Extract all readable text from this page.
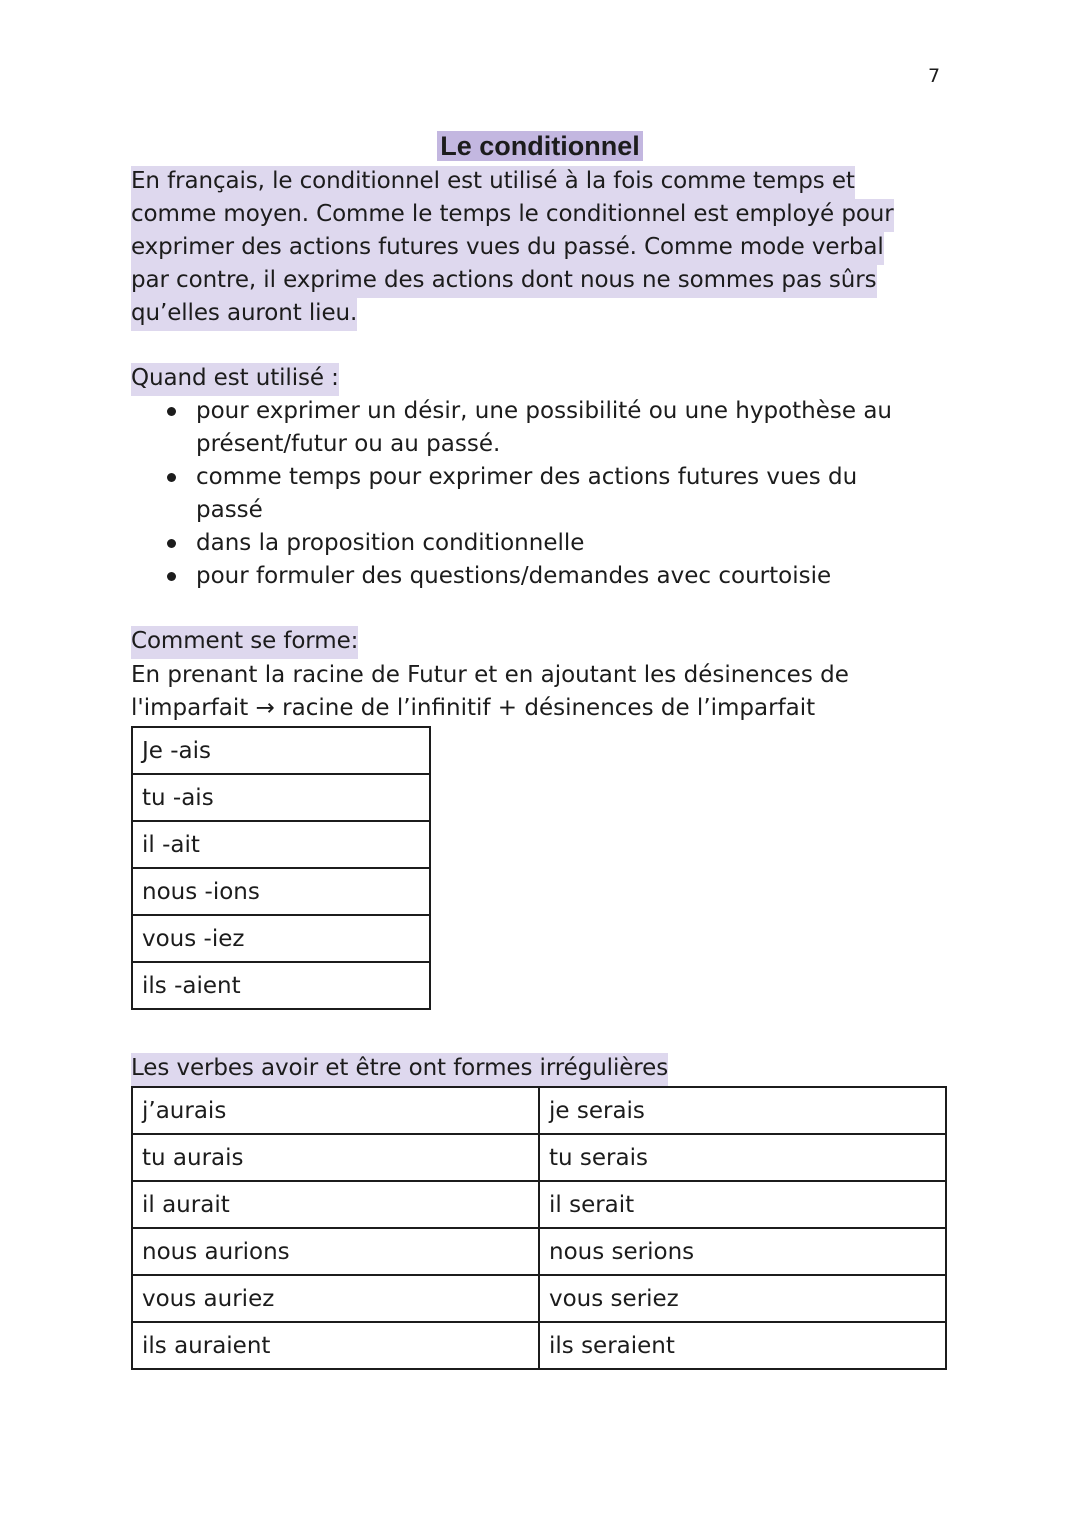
7
Le conditionnel
En français, le conditionnel est utilisé à la fois comme temps et
comme moyen. Comme le temps le conditionnel est employé pour
exprimer des actions futures vues du passé. Comme mode verbal
par contre, il exprime des actions dont nous ne sommes pas sûrs
qu’elles auront lieu.
Quand est utilisé :
pour exprimer un désir, une possibilité ou une hypothèse au
présent/futur ou au passé.
comme temps pour exprimer des actions futures vues du
passé
dans la proposition conditionnelle
pour formuler des questions/demandes avec courtoisie
Comment se forme:
En prenant la racine de Futur et en ajoutant les désinences de
l'imparfait → racine de l’infinitif + désinences de l’imparfait
Je -ais
tu -ais
il -ait
nous -ions
vous -iez
ils -aient
Les verbes avoir et être ont formes irrégulières
j’aurais	je serais
tu aurais	tu serais
il aurait	il serait
nous aurions	nous serions
vous auriez	vous seriez
ils auraient	ils seraient
